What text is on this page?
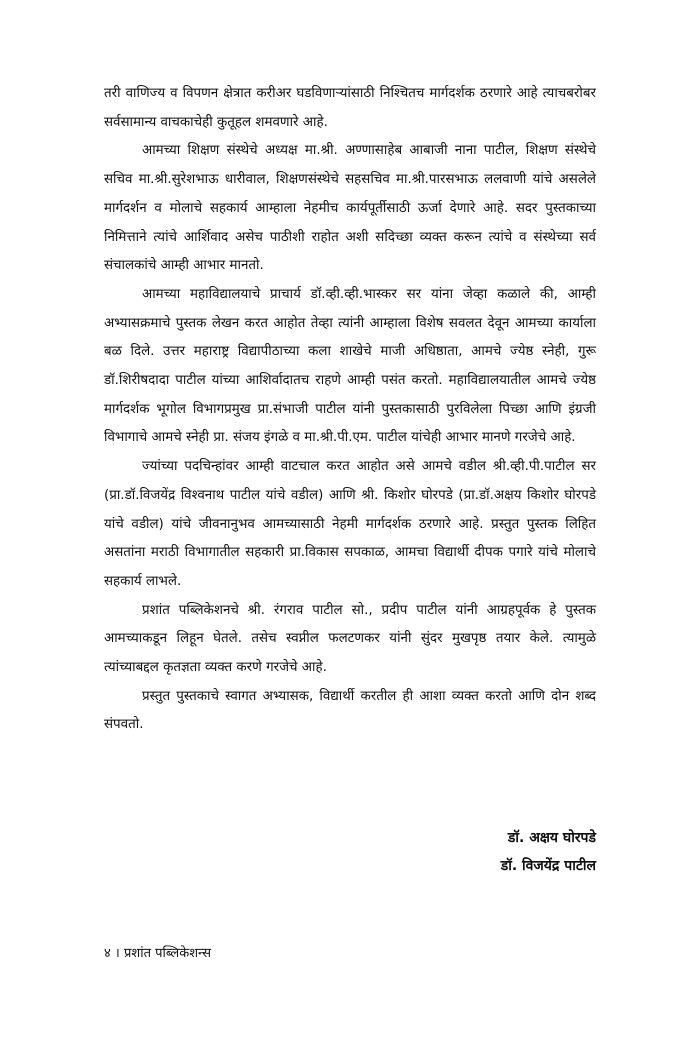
तरी वाणिज्य व विपणन क्षेत्रात करीअर घडविणाऱ्यांसाठी निश्चितच मार्गदर्शक ठरणारे आहे त्याचबरोबर सर्वसामान्य वाचकाचेही कुतूहल शमवणारे आहे.

आमच्या शिक्षण संस्थेचे अध्यक्ष मा.श्री. अण्णासाहेब आबाजी नाना पाटील, शिक्षण संस्थेचे सचिव मा.श्री.सुरेशभाऊ धारीवाल, शिक्षणसंस्थेचे सहसचिव मा.श्री.पारसभाऊ ललवाणी यांचे असलेले मार्गदर्शन व मोलाचे सहकार्य आम्हाला नेहमीच कार्यपूर्तीसाठी ऊर्जा देणारे आहे. सदर पुस्तकाच्या निमित्ताने त्यांचे आर्शिवाद असेच पाठीशी राहोत अशी सदिच्छा व्यक्त करून त्यांचे व संस्थेच्या सर्व संचालकांचे आम्ही आभार मानतो.

आमच्या महाविद्यालयाचे प्राचार्य डॉ.व्ही.व्ही.भास्कर सर यांना जेव्हा कळाले की, आम्ही अभ्यासक्रमाचे पुस्तक लेखन करत आहोत तेव्हा त्यांनी आम्हाला विशेष सवलत देवून आमच्या कार्याला बळ दिले. उत्तर महाराष्ट्र विद्यापीठाच्या कला शाखेचे माजी अधिष्ठाता, आमचे ज्येष्ठ स्नेही, गुरू डॉ.शिरीषदादा पाटील यांच्या आशिर्वादातच राहणे आम्ही पसंत करतो. महाविद्यालयातील आमचे ज्येष्ठ मार्गदर्शक भूगोल विभागप्रमुख प्रा.संभाजी पाटील यांनी पुस्तकासाठी पुरविलेला पिच्छा आणि इंग्रजी विभागाचे आमचे स्नेही प्रा. संजय इंगळे व मा.श्री.पी.एम. पाटील यांचेही आभार मानणे गरजेचे आहे.

ज्यांच्या पदचिन्हांवर आम्ही वाटचाल करत आहोत असे आमचे वडील श्री.व्ही.पी.पाटील सर (प्रा.डॉ.विजयेंद्र विश्वनाथ पाटील यांचे वडील) आणि श्री. किशोर घोरपडे (प्रा.डॉ.अक्षय किशोर घोरपडे यांचे वडील) यांचे जीवनानुभव आमच्यासाठी नेहमी मार्गदर्शक ठरणारे आहे. प्रस्तुत पुस्तक लिहित असतांना मराठी विभागातील सहकारी प्रा.विकास सपकाळ, आमचा विद्यार्थी दीपक पगारे यांचे मोलाचे सहकार्य लाभले.

प्रशांत पब्लिकेशनचे श्री. रंगराव पाटील सो., प्रदीप पाटील यांनी आग्रहपूर्वक हे पुस्तक आमच्याकडून लिहून घेतले. तसेच स्वप्नील फलटणकर यांनी सुंदर मुखपृष्ठ तयार केले. त्यामुळे त्यांच्याबद्दल कृतज्ञता व्यक्त करणे गरजेचे आहे.

प्रस्तुत पुस्तकाचे स्वागत अभ्यासक, विद्यार्थी करतील ही आशा व्यक्त करतो आणि दोन शब्द संपवतो.

डॉ. अक्षय घोरपडे
डॉ. विजयेंद्र पाटील
४ । प्रशांत पब्लिकेशन्स
